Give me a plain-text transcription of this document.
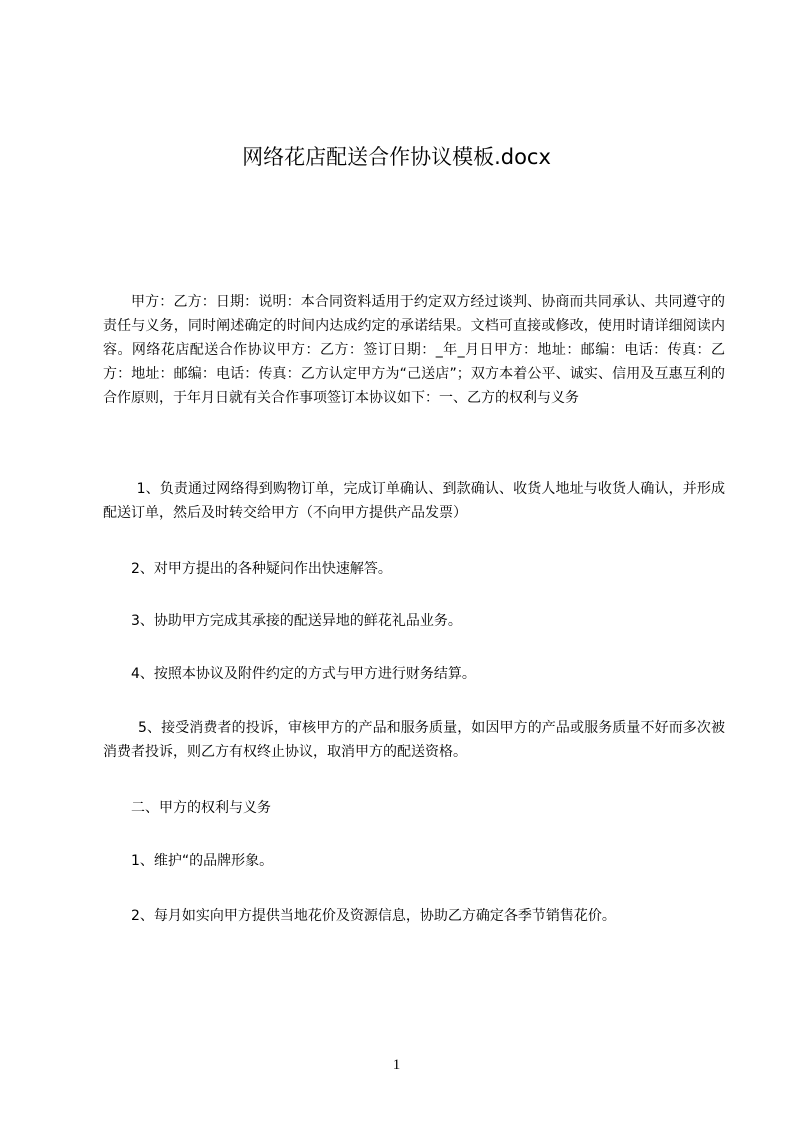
网络花店配送合作协议模板.docx

甲方：乙方：日期：说明：本合同资料适用于约定双方经过谈判、协商而共同承认、共同遵守的责任与义务，同时阐述确定的时间内达成约定的承诺结果。文档可直接或修改，使用时请详细阅读内容。网络花店配送合作协议甲方：乙方：签订日期：_年_月日甲方：地址：邮编：电话：传真：乙方：地址：邮编：电话：传真：乙方认定甲方为“己送店”；双方本着公平、诚实、信用及互惠互利的合作原则，于年月日就有关合作事项签订本协议如下：一、乙方的权利与义务

1、负责通过网络得到购物订单，完成订单确认、到款确认、收货人地址与收货人确认，并形成配送订单，然后及时转交给甲方（不向甲方提供产品发票）

2、对甲方提出的各种疑问作出快速解答。

3、协助甲方完成其承接的配送异地的鲜花礼品业务。

4、按照本协议及附件约定的方式与甲方进行财务结算。

5、接受消费者的投诉，审核甲方的产品和服务质量，如因甲方的产品或服务质量不好而多次被消费者投诉，则乙方有权终止协议，取消甲方的配送资格。

二、甲方的权利与义务

1、维护“的品牌形象。

2、每月如实向甲方提供当地花价及资源信息，协助乙方确定各季节销售花价。

1
